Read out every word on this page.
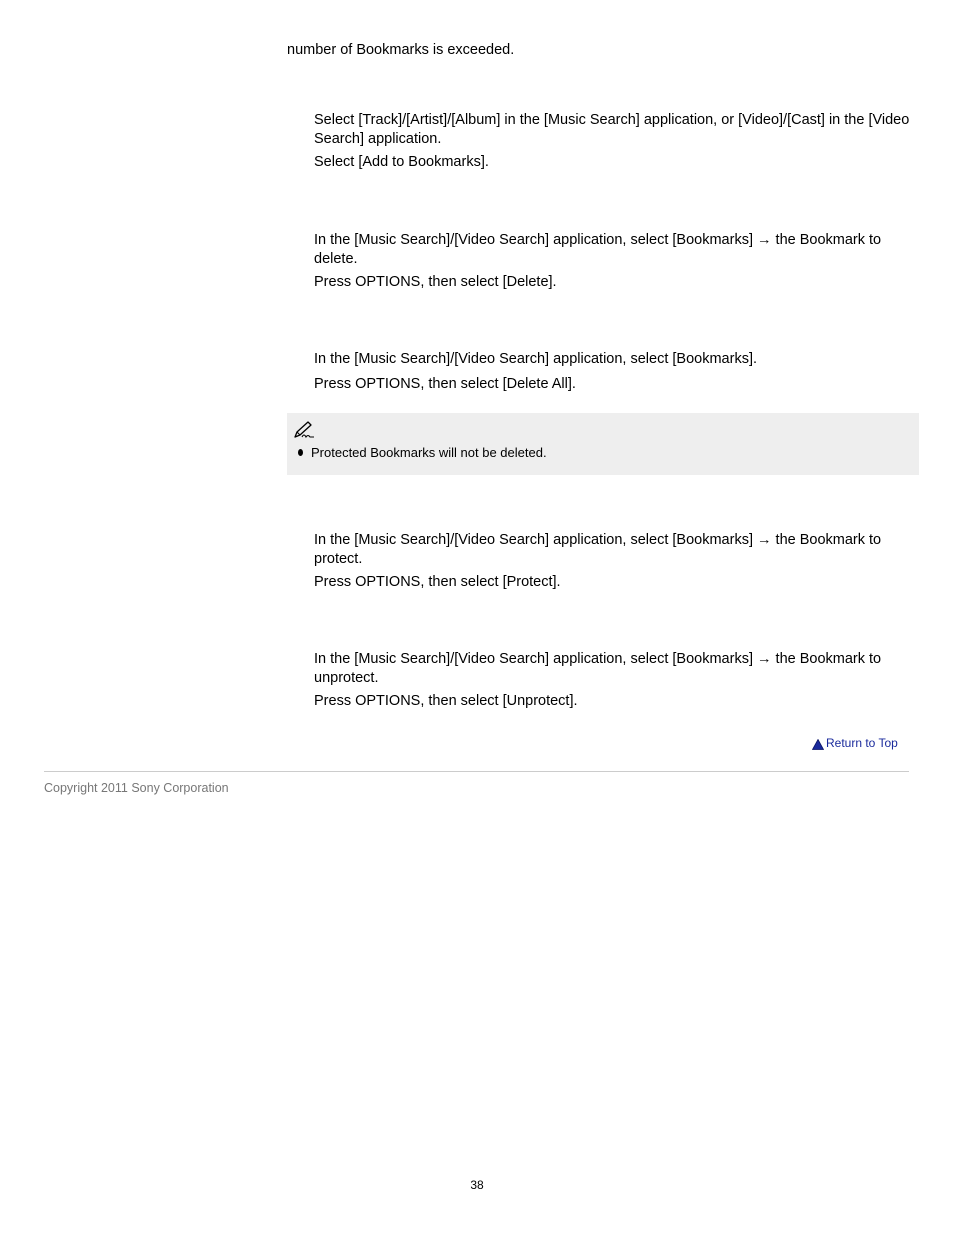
number of Bookmarks is exceeded.
Select [Track]/[Artist]/[Album] in the [Music Search] application, or [Video]/[Cast] in the [Video Search] application.
Select [Add to Bookmarks].
In the [Music Search]/[Video Search] application, select [Bookmarks] → the Bookmark to delete.
Press OPTIONS, then select [Delete].
In the [Music Search]/[Video Search] application, select [Bookmarks].
Press OPTIONS, then select [Delete All].
Protected Bookmarks will not be deleted.
In the [Music Search]/[Video Search] application, select [Bookmarks] → the Bookmark to protect.
Press OPTIONS, then select [Protect].
In the [Music Search]/[Video Search] application, select [Bookmarks] → the Bookmark to unprotect.
Press OPTIONS, then select [Unprotect].
Return to Top
Copyright 2011 Sony Corporation
38
